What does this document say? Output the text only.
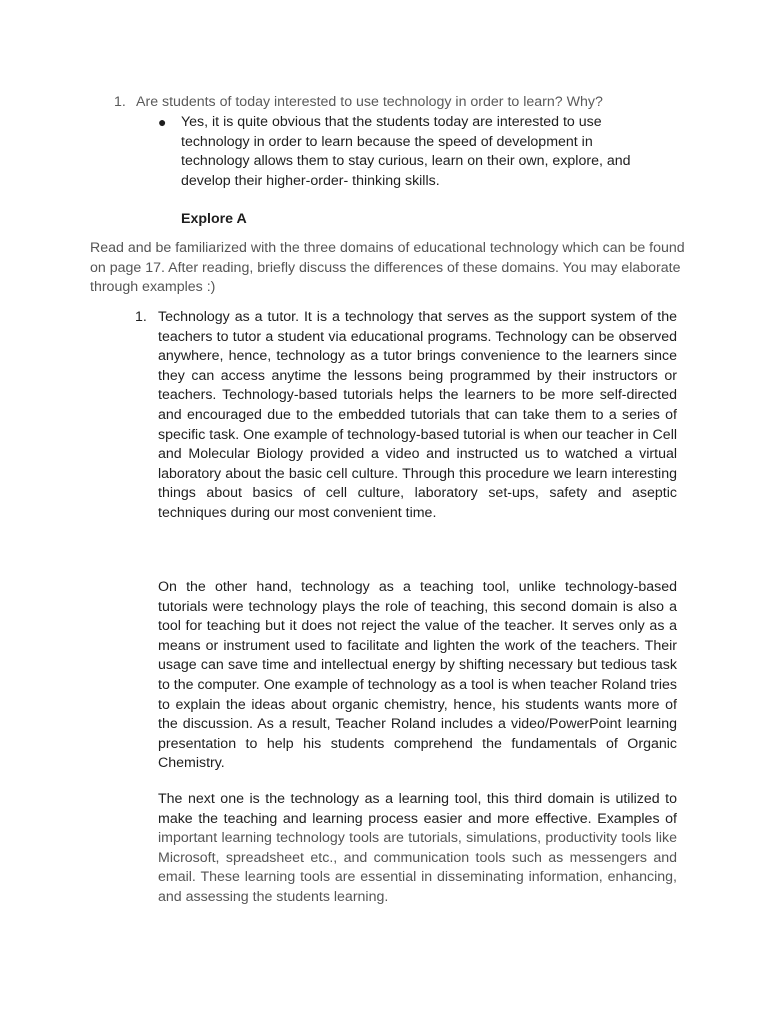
1. Are students of today interested to use technology in order to learn? Why?
● Yes, it is quite obvious that the students today are interested to use technology in order to learn because the speed of development in technology allows them to stay curious, learn on their own, explore, and develop their higher-order- thinking skills.
Explore A
Read and be familiarized with the three domains of educational technology which can be found on page 17. After reading, briefly discuss the differences of these domains. You may elaborate through examples :)
1. Technology as a tutor. It is a technology that serves as the support system of the teachers to tutor a student via educational programs. Technology can be observed anywhere, hence, technology as a tutor brings convenience to the learners since they can access anytime the lessons being programmed by their instructors or teachers. Technology-based tutorials helps the learners to be more self-directed and encouraged due to the embedded tutorials that can take them to a series of specific task. One example of technology-based tutorial is when our teacher in Cell and Molecular Biology provided a video and instructed us to watched a virtual laboratory about the basic cell culture. Through this procedure we learn interesting things about basics of cell culture, laboratory set-ups, safety and aseptic techniques during our most convenient time.
On the other hand, technology as a teaching tool, unlike technology-based tutorials were technology plays the role of teaching, this second domain is also a tool for teaching but it does not reject the value of the teacher. It serves only as a means or instrument used to facilitate and lighten the work of the teachers. Their usage can save time and intellectual energy by shifting necessary but tedious task to the computer. One example of technology as a tool is when teacher Roland tries to explain the ideas about organic chemistry, hence, his students wants more of the discussion. As a result, Teacher Roland includes a video/PowerPoint learning presentation to help his students comprehend the fundamentals of Organic Chemistry.
The next one is the technology as a learning tool, this third domain is utilized to make the teaching and learning process easier and more effective. Examples of important learning technology tools are tutorials, simulations, productivity tools like Microsoft, spreadsheet etc., and communication tools such as messengers and email. These learning tools are essential in disseminating information, enhancing, and assessing the students learning.
